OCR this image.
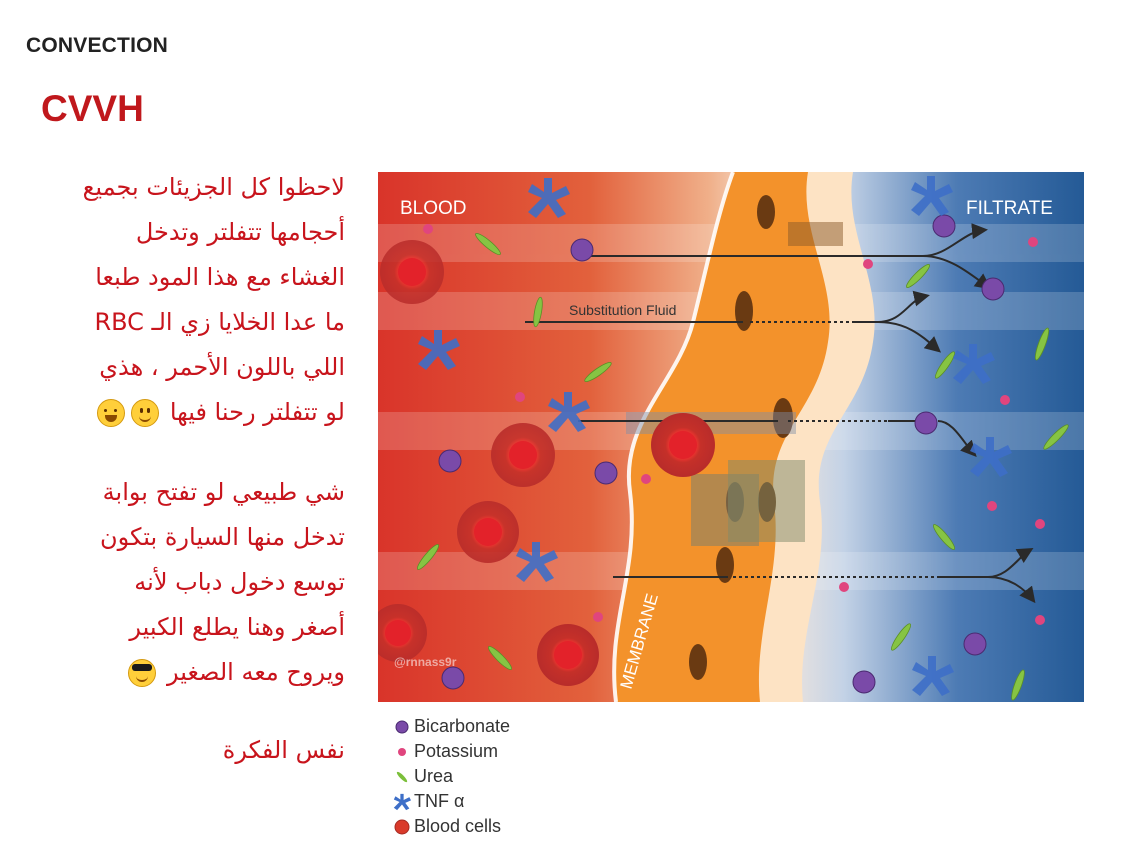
CONVECTION
CVVH
لاحظوا كل الجزيئات بجميع
أحجامها تتفلتر وتدخل
الغشاء مع هذا المود طبعا
ما عدا الخلايا زي الـ RBC
اللي باللون الأحمر ، هذي
لو تتفلتر رحنا فيها
شي طبيعي لو تفتح بوابة
تدخل منها السيارة بتكون
توسع دخول دباب لأنه
أصغر وهنا يطلع الكبير
ويروح معه الصغير
نفس الفكرة
BLOOD	FILTRATE
Substitution Fluid
MEMBRANE
@rnnass9r
Bicarbonate
Potassium
Urea
TNF α
Blood cells
